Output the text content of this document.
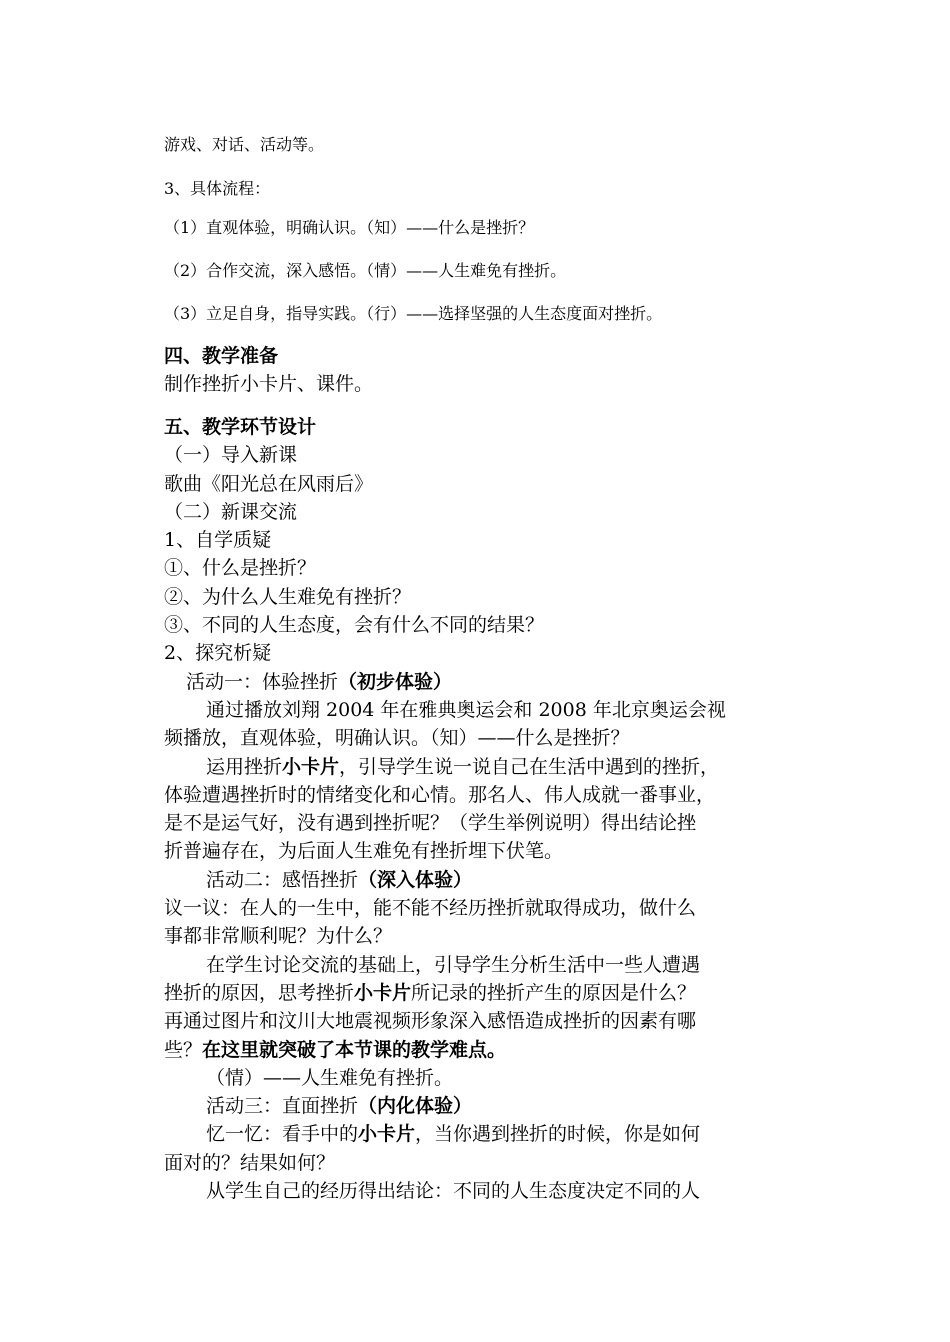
游戏、对话、活动等。
3、具体流程：
（1）直观体验，明确认识。（知）——什么是挫折？
（2）合作交流，深入感悟。（情）——人生难免有挫折。
（3）立足自身，指导实践。（行）——选择坚强的人生态度面对挫折。

四、教学准备

制作挫折小卡片、课件。

五、教学环节设计

（一）导入新课

歌曲《阳光总在风雨后》

（二）新课交流

1、自学质疑

①、什么是挫折？

②、为什么人生难免有挫折？

③、不同的人生态度，会有什么不同的结果？

2、探究析疑

活动一：体验挫折（初步体验）

通过播放刘翔 2004 年在雅典奥运会和 2008 年北京奥运会视

频播放，直观体验，明确认识。（知）——什么是挫折？

运用挫折小卡片，引导学生说一说自己在生活中遇到的挫折，

体验遭遇挫折时的情绪变化和心情。那名人、伟人成就一番事业，

是不是运气好，没有遇到挫折呢？（学生举例说明）得出结论挫

折普遍存在，为后面人生难免有挫折埋下伏笔。

活动二：感悟挫折（深入体验）

议一议：在人的一生中，能不能不经历挫折就取得成功，做什么

事都非常顺利呢？为什么？

在学生讨论交流的基础上，引导学生分析生活中一些人遭遇

挫折的原因，思考挫折小卡片所记录的挫折产生的原因是什么？

再通过图片和汶川大地震视频形象深入感悟造成挫折的因素有哪

些？在这里就突破了本节课的教学难点。

（情）——人生难免有挫折。

活动三：直面挫折（内化体验）

忆一忆：看手中的小卡片，当你遇到挫折的时候，你是如何

面对的？结果如何？

从学生自己的经历得出结论：不同的人生态度决定不同的人
